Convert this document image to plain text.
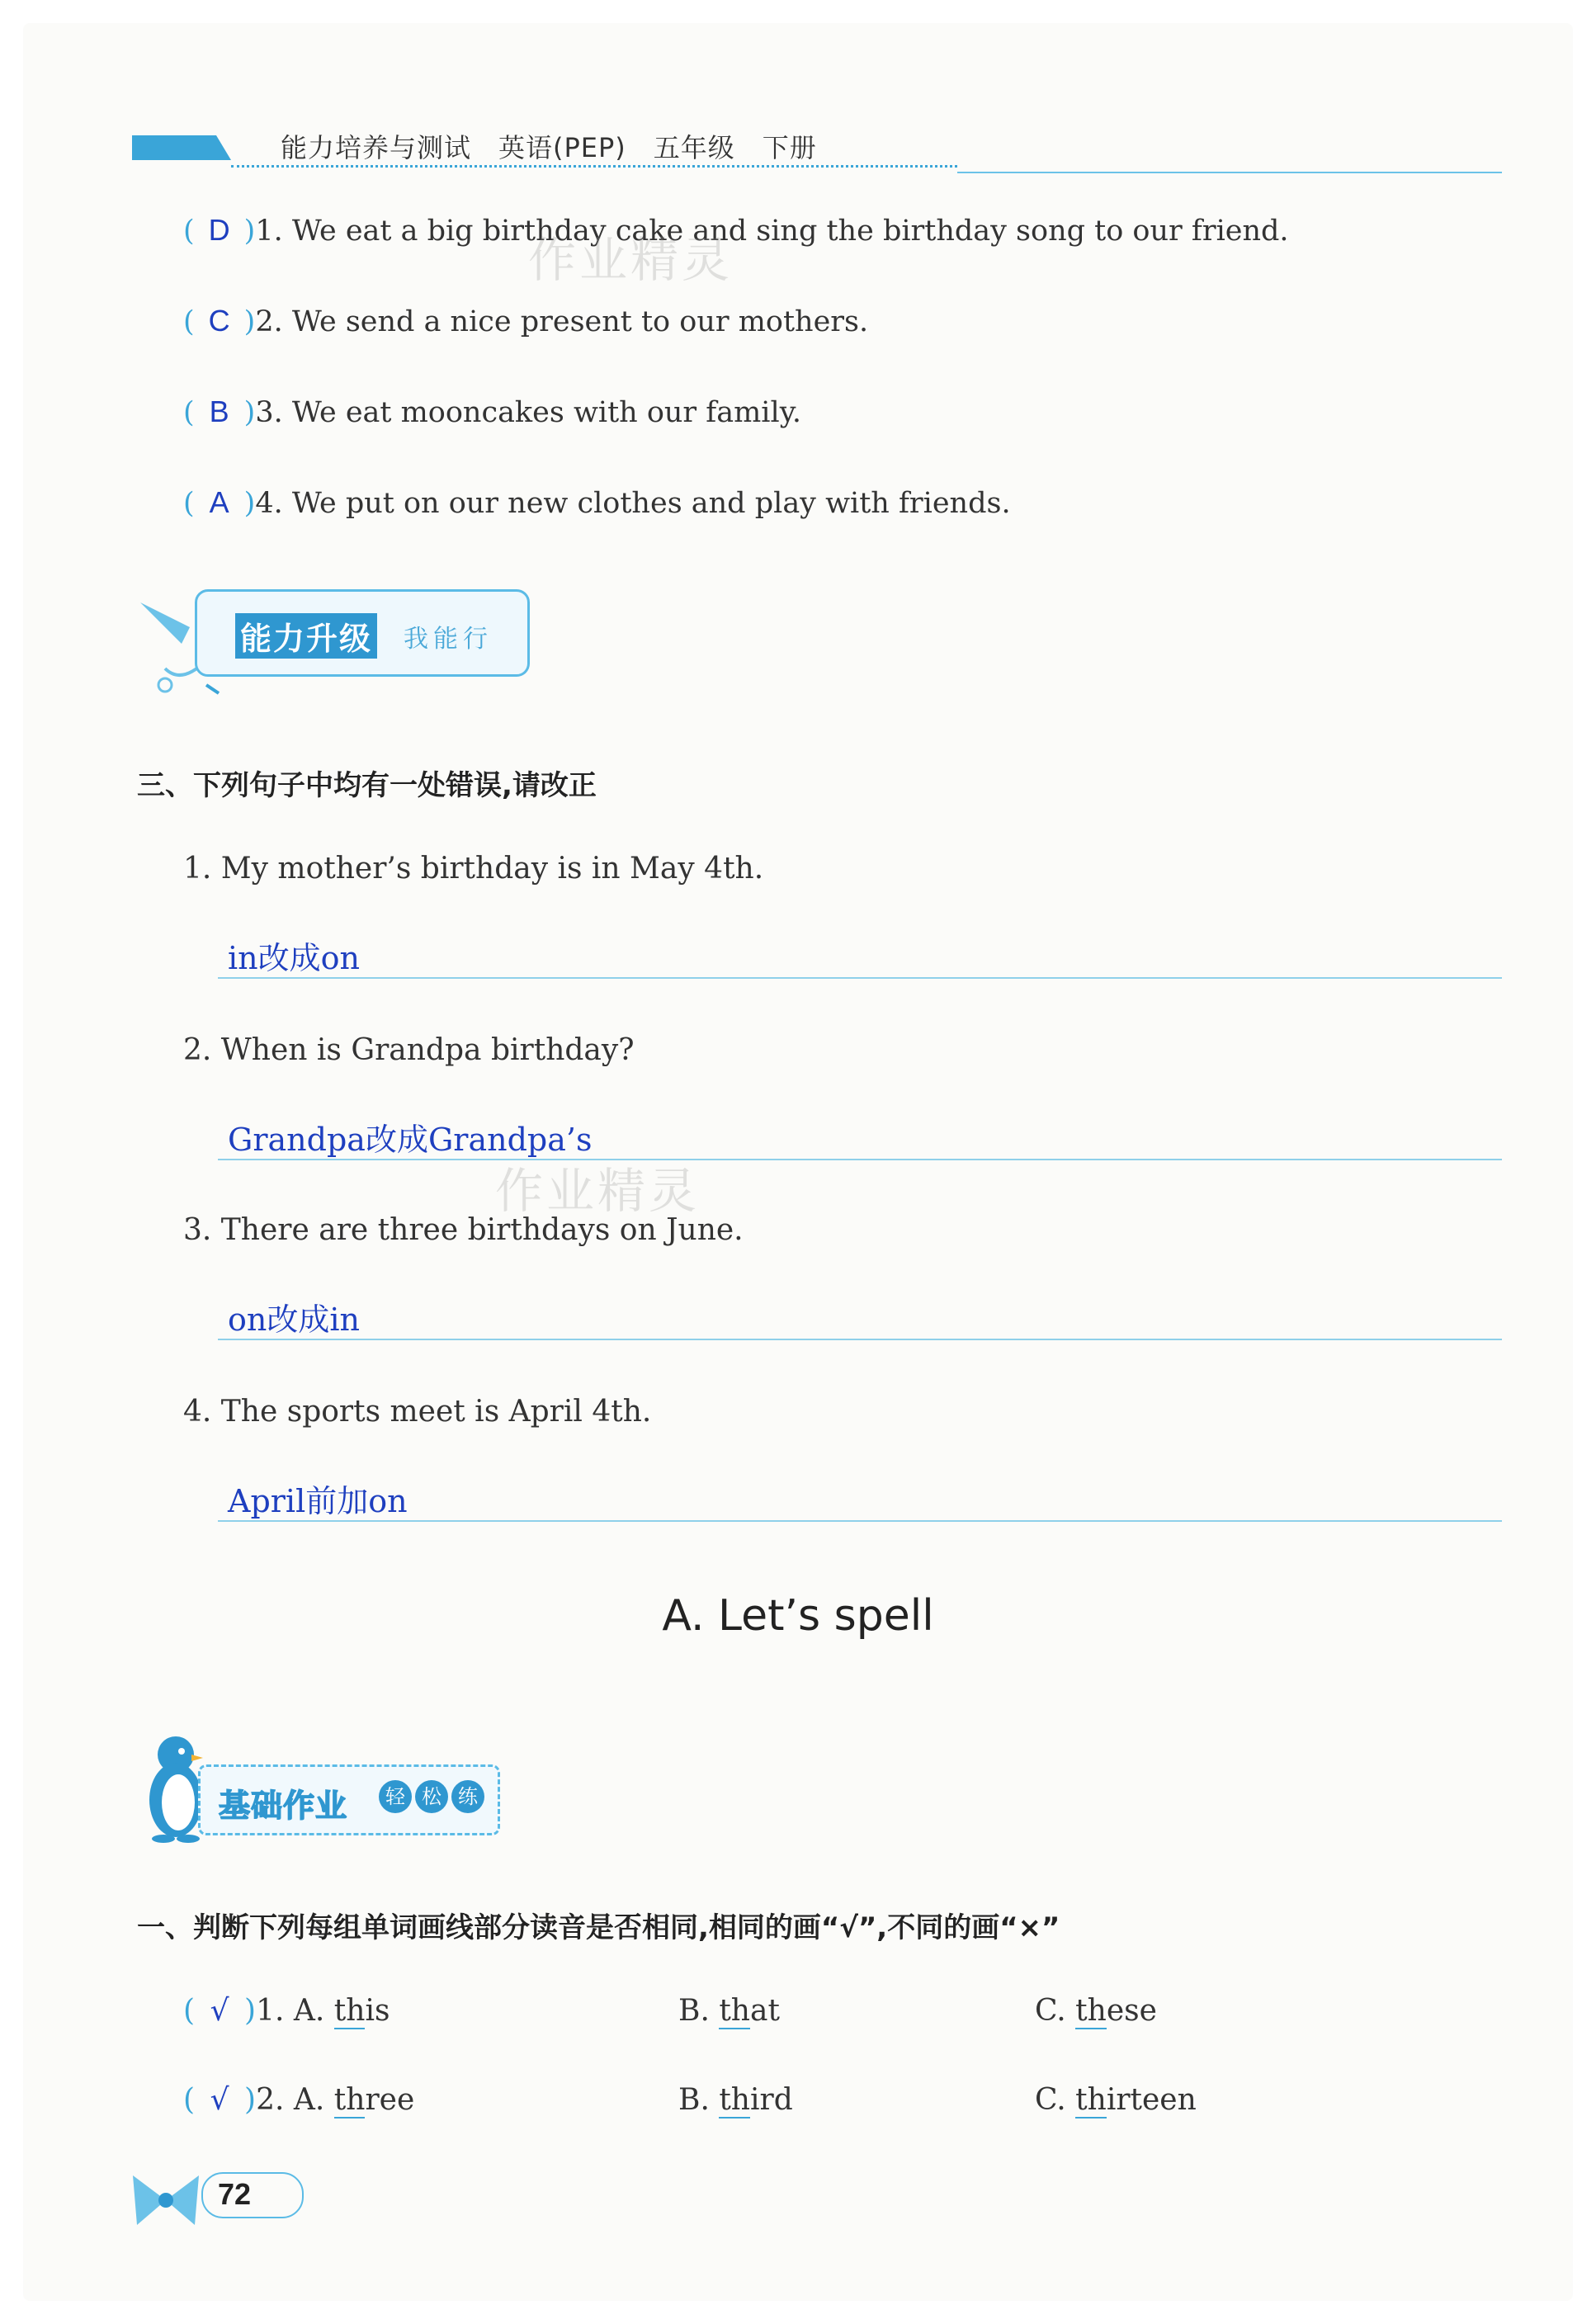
能力培养与测试　英语(PEP)　五年级　下册
( D )1. We eat a big birthday cake and sing the birthday song to our friend.
( C )2. We send a nice present to our mothers.
( B )3. We eat mooncakes with our family.
( A )4. We put on our new clothes and play with friends.
作业精灵
能力升级 我能行
三、下列句子中均有一处错误,请改正
1. My mother’s birthday is in May 4th.
in改成on
2. When is Grandpa birthday?
Grandpa改成Grandpa’s
作业精灵
3. There are three birthdays on June.
on改成in
4. The sports meet is April 4th.
April前加on
A. Let’s spell
基础作业	轻 松 练
一、判断下列每组单词画线部分读音是否相同,相同的画“√”,不同的画“×”
( √ )1. A. this	B. that	C. these
( √ )2. A. three	B. third	C. thirteen
72
